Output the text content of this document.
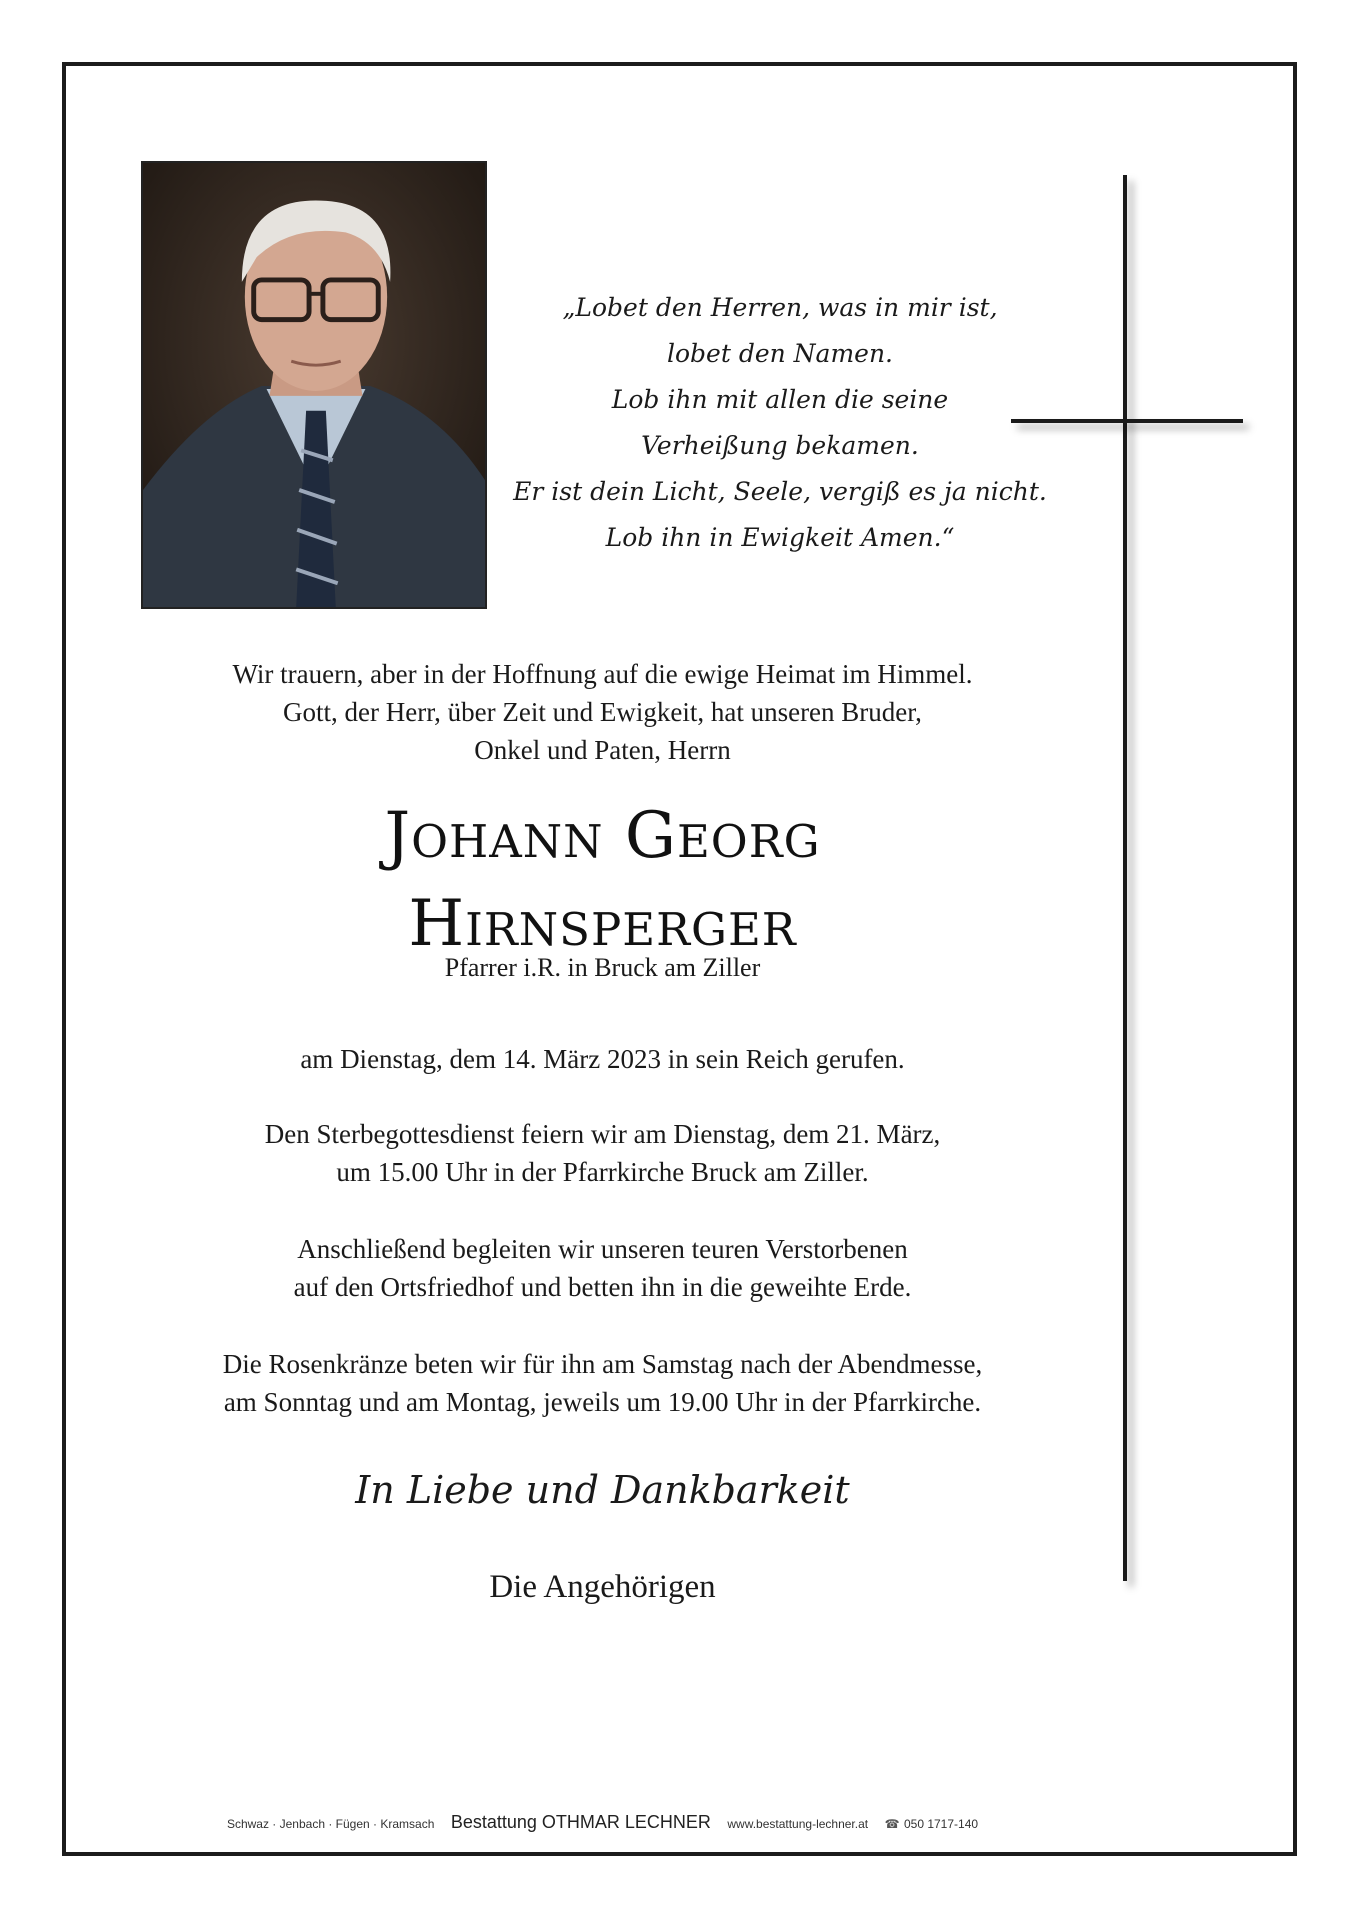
„Lobet den Herren, was in mir ist,
lobet den Namen.
Lob ihn mit allen die seine
Verheißung bekamen.
Er ist dein Licht, Seele, vergiß es ja nicht.
Lob ihn in Ewigkeit Amen.“
Wir trauern, aber in der Hoffnung auf die ewige Heimat im Himmel.
Gott, der Herr, über Zeit und Ewigkeit, hat unseren Bruder,
Onkel und Paten, Herrn
Johann Georg
Hirnsperger
Pfarrer i.R. in Bruck am Ziller
am Dienstag, dem 14. März 2023 in sein Reich gerufen.
Den Sterbegottesdienst feiern wir am Dienstag, dem 21. März,
um 15.00 Uhr in der Pfarrkirche Bruck am Ziller.
Anschließend begleiten wir unseren teuren Verstorbenen
auf den Ortsfriedhof und betten ihn in die geweihte Erde.
Die Rosenkränze beten wir für ihn am Samstag nach der Abendmesse,
am Sonntag und am Montag, jeweils um 19.00 Uhr in der Pfarrkirche.
In Liebe und Dankbarkeit
Die Angehörigen
Schwaz · Jenbach · Fügen · Kramsach Bestattung OTHMAR LECHNER www.bestattung-lechner.at ☎ 050 1717-140
